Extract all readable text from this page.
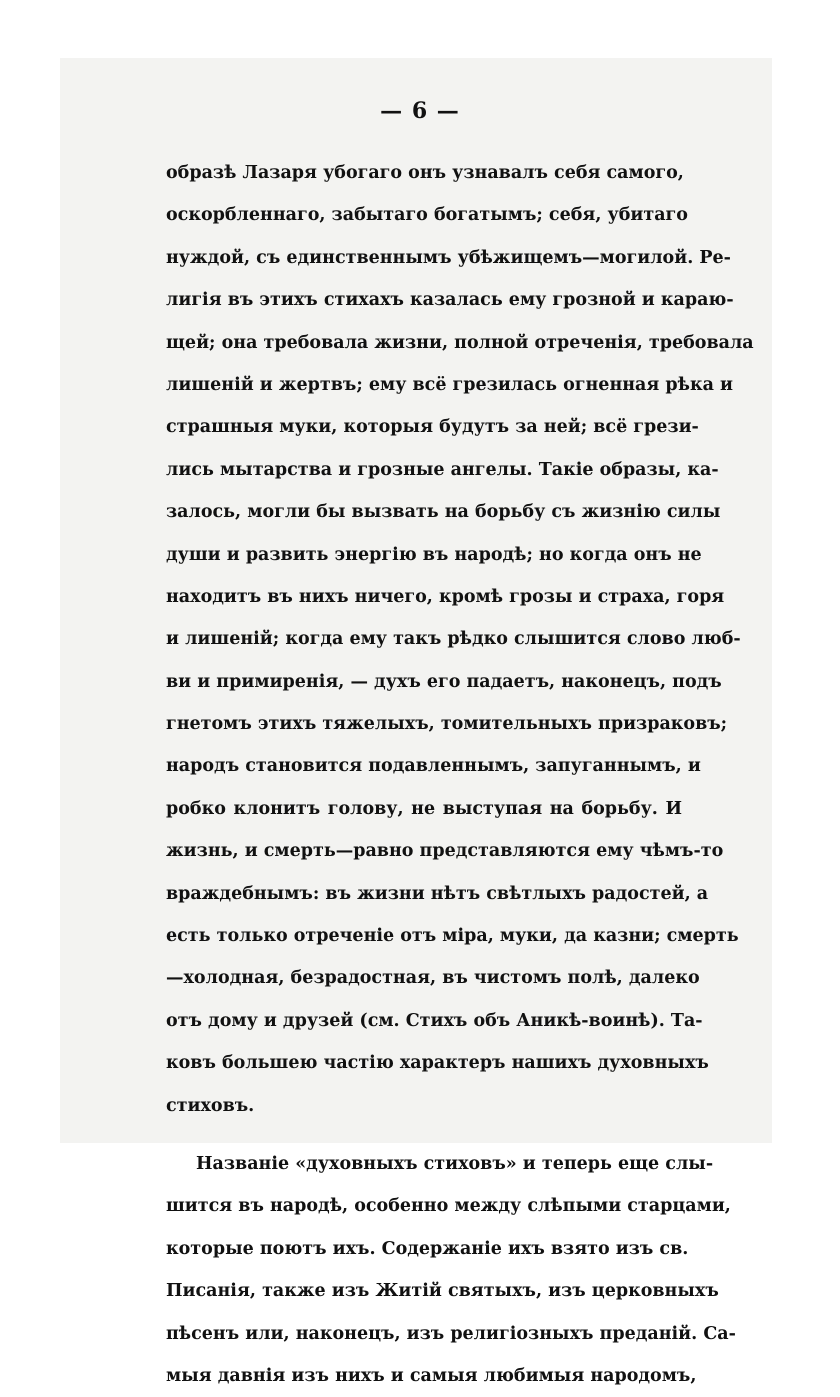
— 6 —
образѣ Лазаря убогаго онъ узнавалъ себя самого,
оскорбленнаго, забытаго богатымъ; себя, убитаго
нуждой, съ единственнымъ убѣжищемъ—могилой. Ре-
лигія въ этихъ стихахъ казалась ему грозной и караю-
щей; она требовала жизни, полной отреченія, требовала
лишеній и жертвъ; ему всё грезилась огненная рѣка и
страшныя муки, которыя будутъ за ней; всё грези-
лись мытарства и грозные ангелы. Такіе образы, ка-
залось, могли бы вызвать на борьбу съ жизнію силы
души и развить энергію въ народѣ; но когда онъ не
находитъ въ нихъ ничего, кромѣ грозы и страха, горя
и лишеній; когда ему такъ рѣдко слышится слово люб-
ви и примиренія, — духъ его падаетъ, наконецъ, подъ
гнетомъ этихъ тяжелыхъ, томительныхъ призраковъ;
народъ становится подавленнымъ, запуганнымъ, и
робко клонитъ голову, не выступая на борьбу. И
жизнь, и смерть—равно представляются ему чѣмъ-то
враждебнымъ: въ жизни нѣтъ свѣтлыхъ радостей, а
есть только отреченіе отъ міра, муки, да казни; смерть
—холодная, безрадостная, въ чистомъ полѣ, далеко
отъ дому и друзей (см. Стихъ объ Аникѣ-воинѣ). Та-
ковъ большею частію характеръ нашихъ духовныхъ
стиховъ.
Названіе «духовныхъ стиховъ» и теперь еще слы-
шится въ народѣ, особенно между слѣпыми старцами,
которые поютъ ихъ. Содержаніе ихъ взято изъ св.
Писанія, также изъ Житій святыхъ, изъ церковныхъ
пѣсенъ или, наконецъ, изъ религіозныхъ преданій. Са-
мыя давнія изъ нихъ и самыя любимыя народомъ,
